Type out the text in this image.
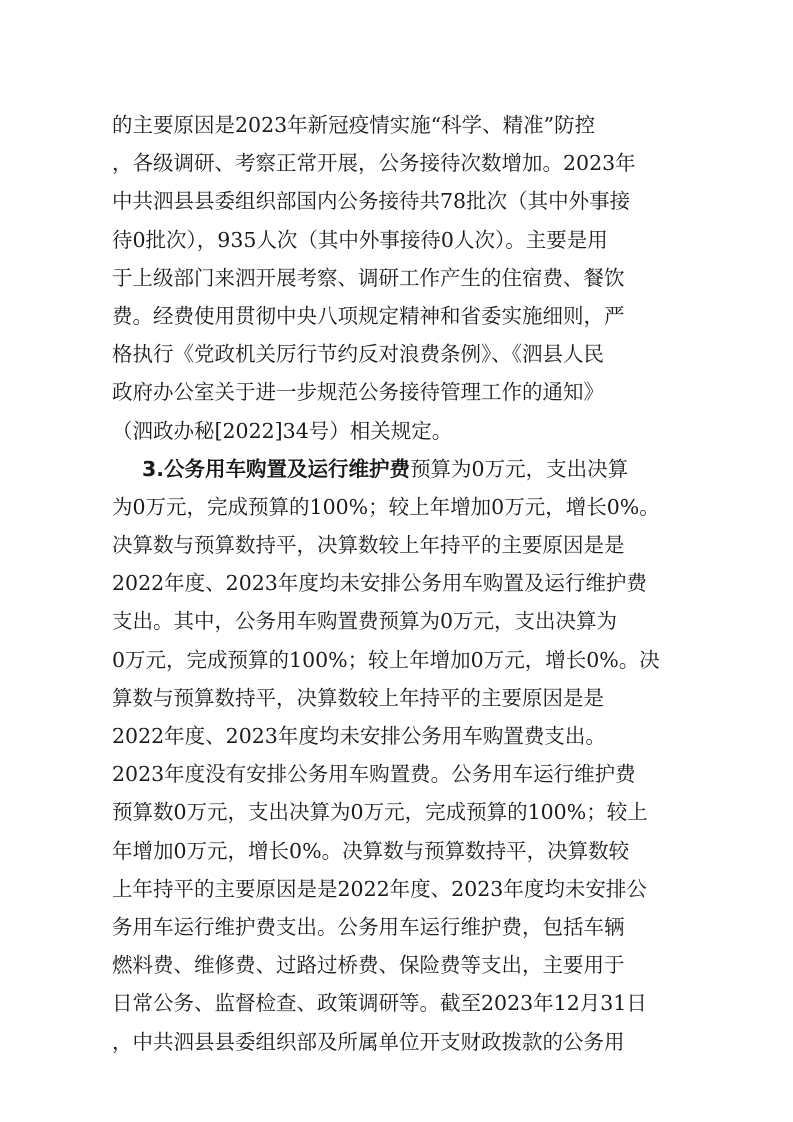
的主要原因是2023年新冠疫情实施“科学、精准”防控
，各级调研、考察正常开展，公务接待次数增加。2023年
中共泗县县委组织部国内公务接待共78批次（其中外事接
待0批次），935人次（其中外事接待0人次）。主要是用
于上级部门来泗开展考察、调研工作产生的住宿费、餐饮
费。经费使用贯彻中央八项规定精神和省委实施细则，严
格执行《党政机关厉行节约反对浪费条例》、《泗县人民
政府办公室关于进一步规范公务接待管理工作的通知》
（泗政办秘[2022]34号）相关规定。
3.公务用车购置及运行维护费预算为0万元，支出决算
为0万元，完成预算的100%；较上年增加0万元，增长0%。
决算数与预算数持平，决算数较上年持平的主要原因是是
2022年度、2023年度均未安排公务用车购置及运行维护费
支出。其中，公务用车购置费预算为0万元，支出决算为
0万元，完成预算的100%；较上年增加0万元，增长0%。决
算数与预算数持平，决算数较上年持平的主要原因是是
2022年度、2023年度均未安排公务用车购置费支出。
2023年度没有安排公务用车购置费。公务用车运行维护费
预算数0万元，支出决算为0万元，完成预算的100%；较上
年增加0万元，增长0%。决算数与预算数持平，决算数较
上年持平的主要原因是是2022年度、2023年度均未安排公
务用车运行维护费支出。公务用车运行维护费，包括车辆
燃料费、维修费、过路过桥费、保险费等支出，主要用于
日常公务、监督检查、政策调研等。截至2023年12月31日
，中共泗县县委组织部及所属单位开支财政拨款的公务用
